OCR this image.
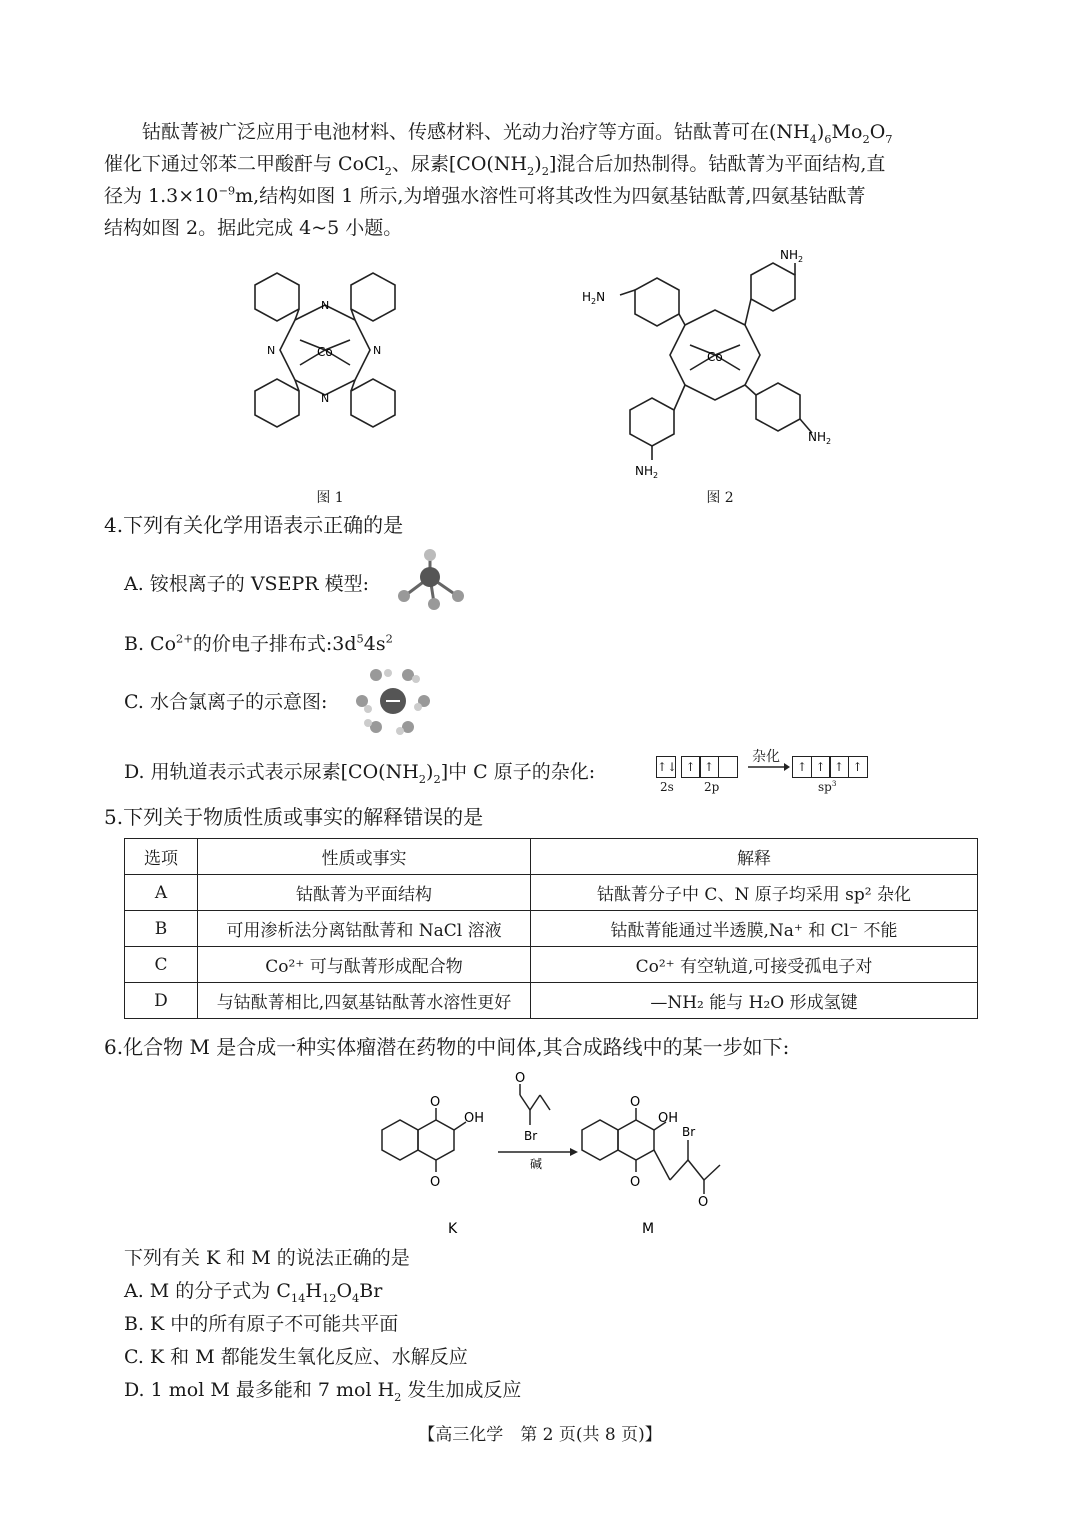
钴酞菁被广泛应用于电池材料、传感材料、光动力治疗等方面。钴酞菁可在$(NH_4)_6Mo_2O_7$

催化下通过邻苯二甲酸酐与 CoCl$_2$、尿素$[CO(NH_2)_2]$混合后加热制得。钴酞菁为平面结构,直

径为 $1.3\times 10^{-9}m$,结构如图 1 所示,为增强水溶性可将其改性为四氨基钴酞菁,四氨基钴酞菁

结构如图 2。据此完成 4~5 小题。

Co
N
N
N	N
图 1
Co
$H_2N$
$NH_2$
$NH_2$
$NH_2$
图 2
4.下列有关化学用语表示正确的是
A. 铵根离子的 VSEPR 模型:
B. $Co^{2+}$的价电子排布式$:3d^54s^2$
C. 水合氯离子的示意图:
D. 用轨道表示式表示尿素$[CO(NH_2)_2]$中 C 原子的杂化:	↑↓ ↑ ↑
2s	2p
杂化
↑ ↑ ↑ ↑
$sp^3$
5.下列关于物质性质或事实的解释错误的是
选项	性质或事实	解释
A	钴酞菁为平面结构	钴酞菁分子中 C、N 原子均采用 sp² 杂化
B	可用渗析法分离钴酞菁和 NaCl 溶液	钴酞菁能通过半透膜,Na⁺ 和 Cl⁻ 不能
C	Co²⁺ 可与酞菁形成配合物	Co²⁺ 有空轨道,可接受孤电子对
D	与钴酞菁相比,四氨基钴酞菁水溶性更好	—NH₂ 能与 H₂O 形成氢键
6.化合物 M 是合成一种实体瘤潜在药物的中间体,其合成路线中的某一步如下:
O
O
OH
O
Br
碱
O
O
OH
Br
O
K	M
下列有关 K 和 M 的说法正确的是
A. M 的分子式为 $C_{14}H_{12}O_4Br$
B. K 中的所有原子不可能共平面
C. K 和 M 都能发生氧化反应、水解反应
D. 1 mol M 最多能和 7 mol $H_2$ 发生加成反应
【高三化学　第 2 页(共 8 页)】
